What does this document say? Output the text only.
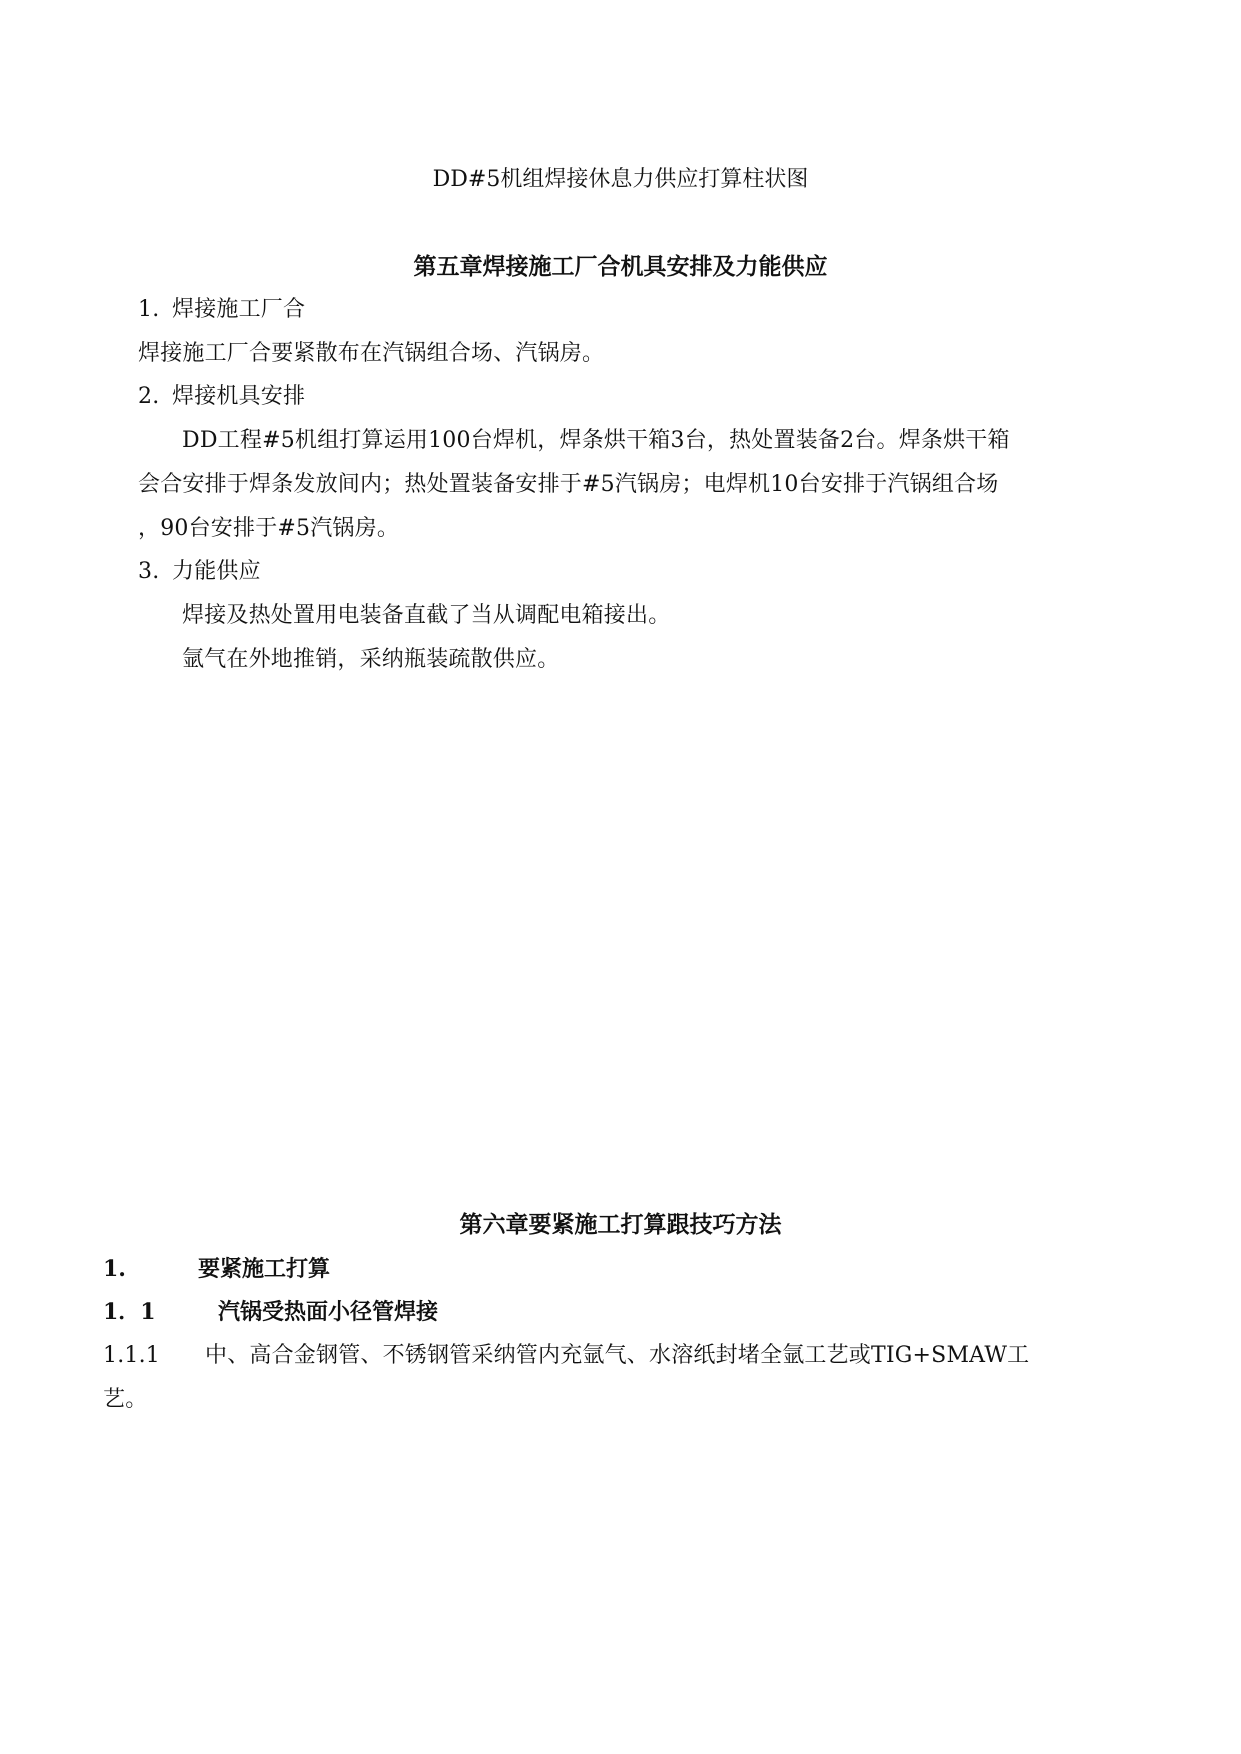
DD#5机组焊接休息力供应打算柱状图
第五章焊接施工厂合机具安排及力能供应
1. 焊接施工厂合
焊接施工厂合要紧散布在汽锅组合场、汽锅房。
2. 焊接机具安排
DD工程#5机组打算运用100台焊机，焊条烘干箱3台，热处置装备2台。焊条烘干箱
会合安排于焊条发放间内；热处置装备安排于#5汽锅房；电焊机10台安排于汽锅组合场
，90台安排于#5汽锅房。
3. 力能供应
焊接及热处置用电装备直截了当从调配电箱接出。
氩气在外地推销，采纳瓶装疏散供应。
第六章要紧施工打算跟技巧方法
1.	要紧施工打算
1．1	汽锅受热面小径管焊接
1.1.1 中、高合金钢管、不锈钢管采纳管内充氩气、水溶纸封堵全氩工艺或TIG+SMAW工
艺。
